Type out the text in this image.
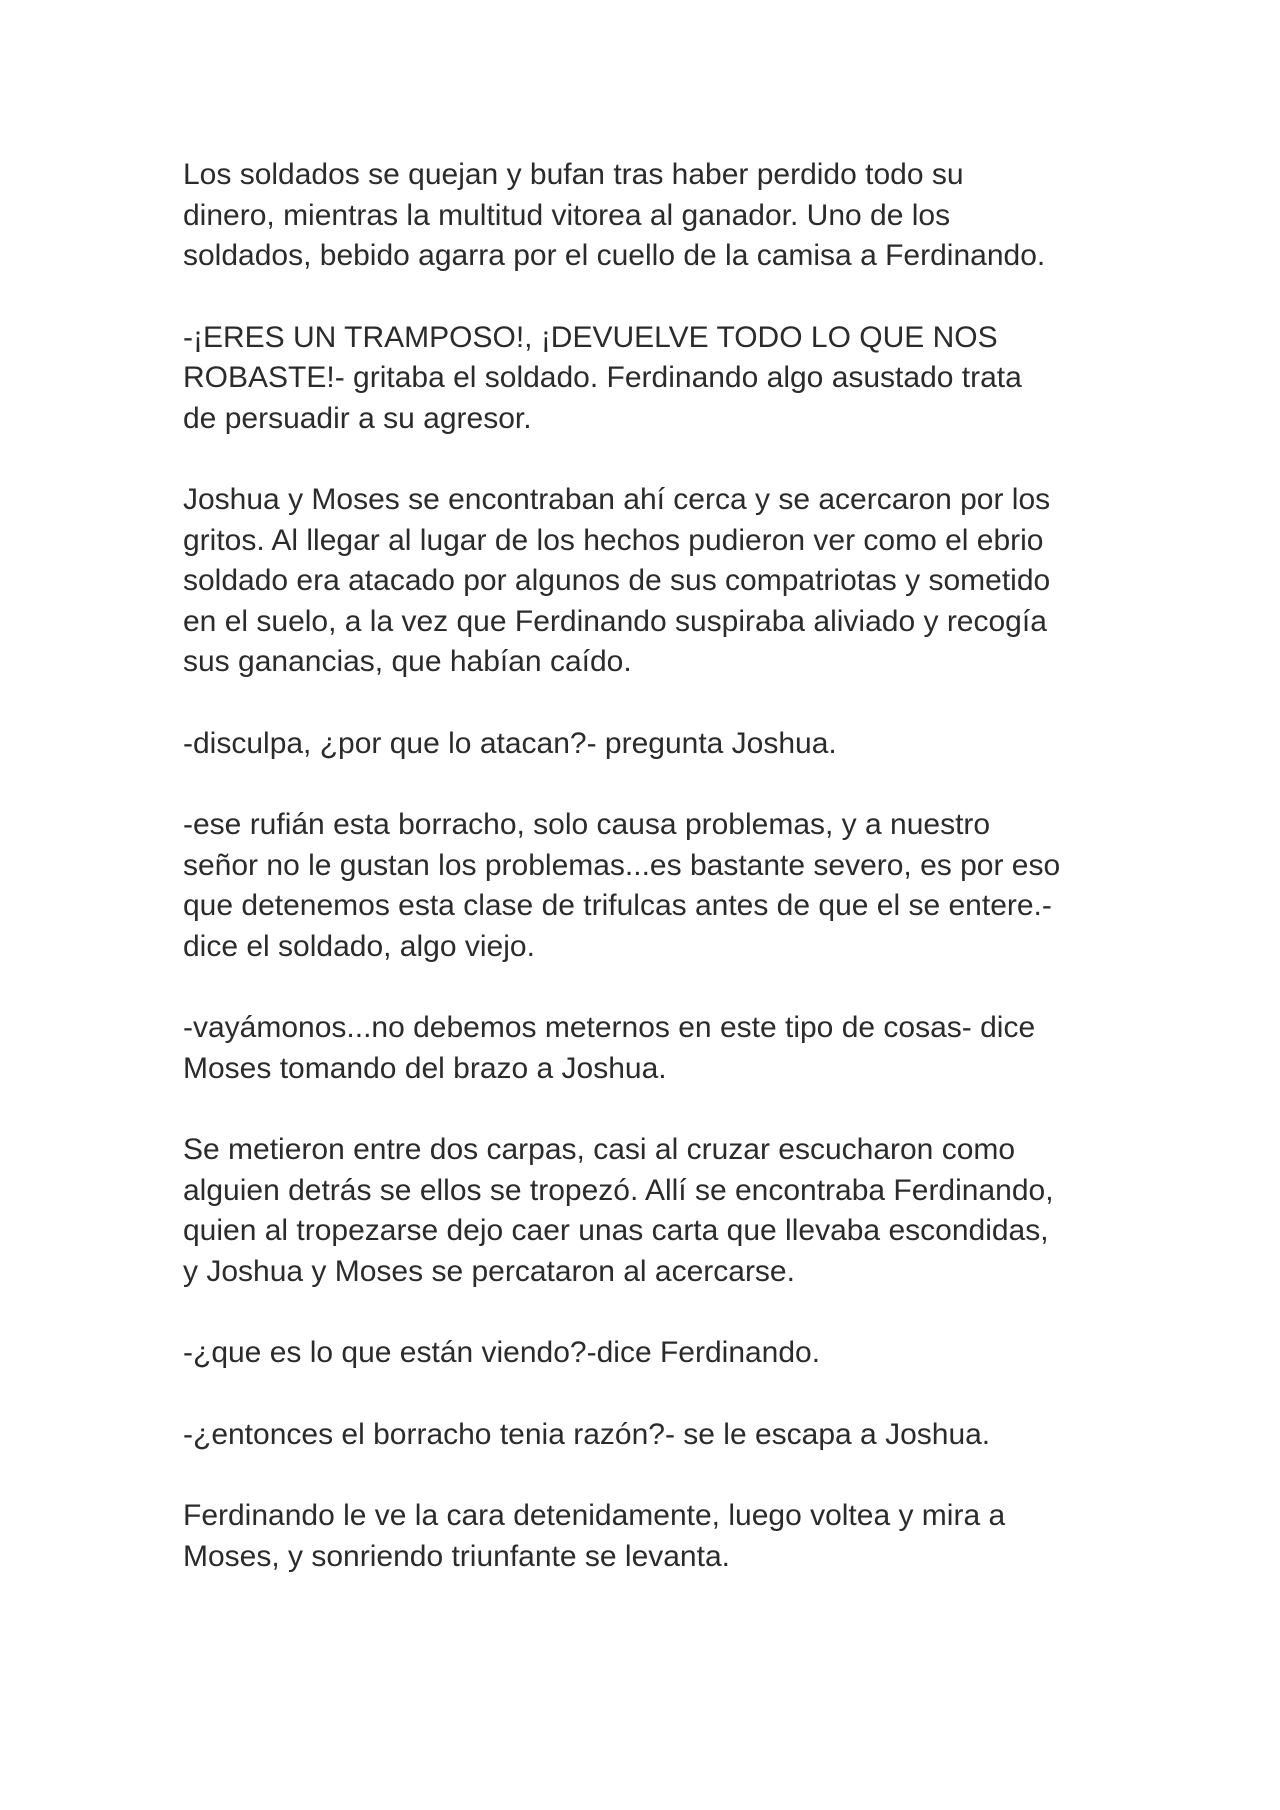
Los soldados se quejan y bufan tras haber perdido todo su
dinero, mientras la multitud vitorea al ganador. Uno de los
soldados, bebido agarra por el cuello de la camisa a Ferdinando.

-¡ERES UN TRAMPOSO!, ¡DEVUELVE TODO LO QUE NOS
ROBASTE!- gritaba el soldado. Ferdinando algo asustado trata
de persuadir a su agresor.

Joshua y Moses se encontraban ahí cerca y se acercaron por los
gritos. Al llegar al lugar de los hechos pudieron ver como el ebrio
soldado era atacado por algunos de sus compatriotas y sometido
en el suelo, a la vez que Ferdinando suspiraba aliviado y recogía
sus ganancias, que habían caído.

-disculpa, ¿por que lo atacan?- pregunta Joshua.

-ese rufián esta borracho, solo causa problemas, y a nuestro
señor no le gustan los problemas...es bastante severo, es por eso
que detenemos esta clase de trifulcas antes de que el se entere.-
dice el soldado, algo viejo.

-vayámonos...no debemos meternos en este tipo de cosas- dice
Moses tomando del brazo a Joshua.

Se metieron entre dos carpas, casi al cruzar escucharon como
alguien detrás se ellos se tropezó. Allí se encontraba Ferdinando,
quien al tropezarse dejo caer unas carta que llevaba escondidas,
y Joshua y Moses se percataron al acercarse.

-¿que es lo que están viendo?-dice Ferdinando.

-¿entonces el borracho tenia razón?- se le escapa a Joshua.

Ferdinando le ve la cara detenidamente, luego voltea y mira a
Moses, y sonriendo triunfante se levanta.
